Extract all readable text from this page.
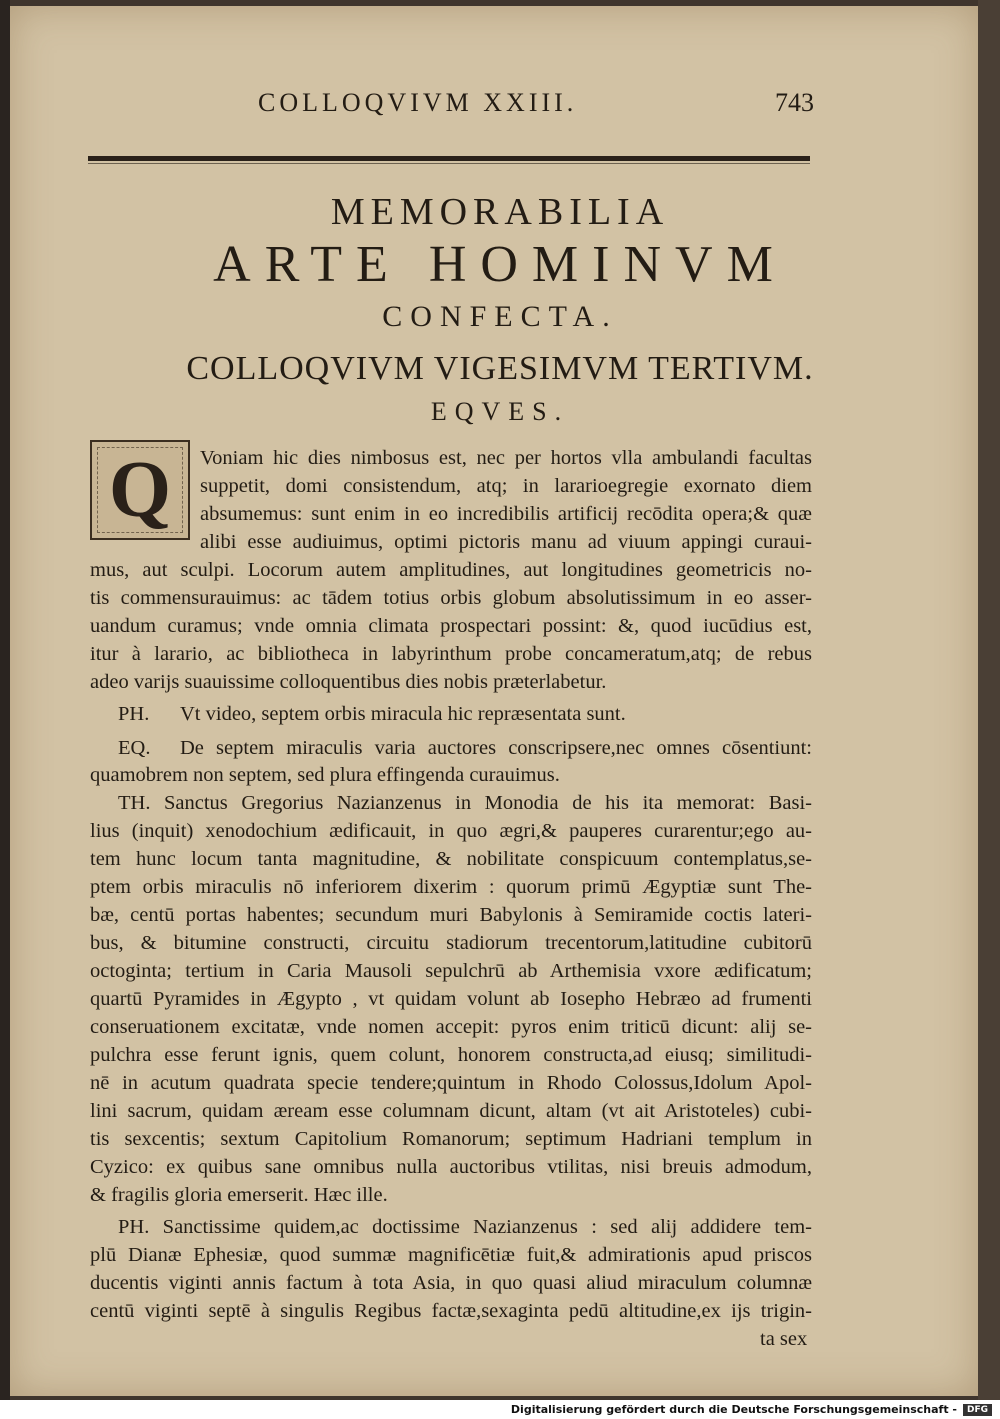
COLLOQVIVM XXIII.	743
MEMORABILIA
ARTE HOMINVM
CONFECTA.
COLLOQVIVM VIGESIMVM TERTIVM.
EQVES.
Q Voniam hic dies nimbosus est, nec per hortos vlla ambulandi facultas
suppetit, domi consistendum, atq; in lararioegregie exornato diem
absumemus: sunt enim in eo incredibilis artificij recōdita opera;& quæ
alibi esse audiuimus, optimi pictoris manu ad viuum appingi curaui-
mus, aut sculpi. Locorum autem amplitudines, aut longitudines geometricis no-
tis commensurauimus: ac tādem totius orbis globum absolutissimum in eo asser-
uandum curamus; vnde omnia climata prospectari possint: &, quod iucūdius est,
itur à larario, ac bibliotheca in labyrinthum probe concameratum,atq; de rebus
adeo varijs suauissime colloquentibus dies nobis præterlabetur.
PH. Vt video, septem orbis miracula hic repræsentata sunt.
EQ. De septem miraculis varia auctores conscripsere,nec omnes cōsentiunt:
quamobrem non septem, sed plura effingenda curauimus.
TH. Sanctus Gregorius Nazianzenus in Monodia de his ita memorat: Basi-
lius (inquit) xenodochium ædificauit, in quo ægri,& pauperes curarentur;ego au-
tem hunc locum tanta magnitudine, & nobilitate conspicuum contemplatus,se-
ptem orbis miraculis nō inferiorem dixerim : quorum primū Ægyptiæ sunt The-
bæ, centū portas habentes; secundum muri Babylonis à Semiramide coctis lateri-
bus, & bitumine constructi, circuitu stadiorum trecentorum,latitudine cubitorū
octoginta; tertium in Caria Mausoli sepulchrū ab Arthemisia vxore ædificatum;
quartū Pyramides in Ægypto , vt quidam volunt ab Iosepho Hebræo ad frumenti
conseruationem excitatæ, vnde nomen accepit: pyros enim triticū dicunt: alij se-
pulchra esse ferunt ignis, quem colunt, honorem constructa,ad eiusq; similitudi-
nē in acutum quadrata specie tendere;quintum in Rhodo Colossus,Idolum Apol-
lini sacrum, quidam æream esse columnam dicunt, altam (vt ait Aristoteles) cubi-
tis sexcentis; sextum Capitolium Romanorum; septimum Hadriani templum in
Cyzico: ex quibus sane omnibus nulla auctoribus vtilitas, nisi breuis admodum,
& fragilis gloria emerserit. Hæc ille.
PH. Sanctissime quidem,ac doctissime Nazianzenus : sed alij addidere tem-
plū Dianæ Ephesiæ, quod summæ magnificētiæ fuit,& admirationis apud priscos
ducentis viginti annis factum à tota Asia, in quo quasi aliud miraculum columnæ
centū viginti septē à singulis Regibus factæ,sexaginta pedū altitudine,ex ijs trigin-
ta sex
Digitalisierung gefördert durch die Deutsche Forschungsgemeinschaft -	DFG
